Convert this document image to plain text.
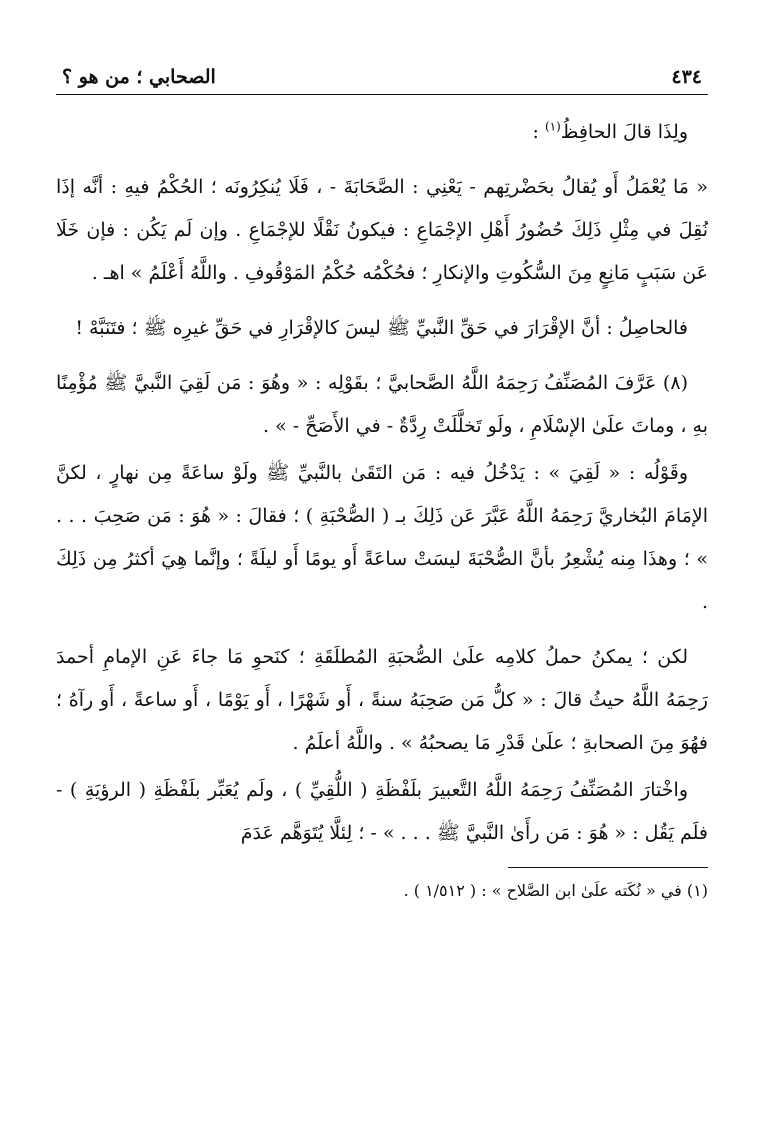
٤٣٤
الصحابي ؛ من هو ؟

ولِذَا قالَ الحافِظُ$^{(١)}$ :

« مَا يُعْمَلُ أَو يُقالُ بحَضْرتِهم - يَعْنِي : الصَّحَابَةَ - ، فَلَا يُنكِرُونَه ؛ الحُكْمُ فيهِ : أنَّه إذَا نُقِلَ في مِثْلِ ذَلِكَ حُضُورُ أَهْلِ الإجْمَاعِ : فيكونُ نَقْلًا للإجْمَاعِ . وإن لَم يَكُن : فإن خَلَا عَن سَبَبٍ مَانِعٍ مِنَ السُّكُوتِ والإنكارِ ؛ فحُكْمُه حُكْمُ المَوْقُوفِ . واللَّهُ أَعْلَمُ » اهـ .

فالحاصِلُ : أنَّ الإقْرَارَ في حَقِّ النَّبيِّ ﷺ ليسَ كالإقْرَارِ في حَقِّ غيرِه ﷺ ؛ فتَنَبَّهْ !

(٨) عَرَّفَ المُصَنِّفُ رَحِمَهُ اللَّهُ الصَّحابيَّ ؛ بقَوْلِه : « وهُوَ : مَن لَقِيَ النَّبيَّ ﷺ مُؤْمِنًا بهِ ، وماتَ علَىٰ الإسْلَامِ ، ولَو تَخلَّلَتْ رِدَّةٌ - في الأَصَحِّ - » .

وقَوْلُه : « لَقِيَ » : يَدْخُلُ فيه : مَن التَقَىٰ بالنَّبيِّ ﷺ ولَوْ ساعَةً مِن نهارٍ ، لكنَّ الإمَامَ البُخاريَّ رَحِمَهُ اللَّهُ عَبَّرَ عَن ذَلِكَ بـ ( الصُّحْبَةِ ) ؛ فقالَ : « هُوَ : مَن صَحِبَ . . . » ؛ وهذَا مِنه يُشْعِرُ بأنَّ الصُّحْبَةَ ليسَتْ ساعَةً أَو يومًا أَو ليلَةً ؛ وإنَّما هِيَ أكثرُ مِن ذَلِكَ .

لكن ؛ يمكنُ حملُ كلامِه علَىٰ الصُّحبَةِ المُطلَقَةِ ؛ كنَحوِ مَا جاءَ عَنِ الإمامِ أحمدَ رَحِمَهُ اللَّهُ حيثُ قالَ : « كلُّ مَن صَحِبَهُ سنةً ، أَو شَهْرًا ، أَو يَوْمًا ، أَو ساعةً ، أَو رآهُ ؛ فهُوَ مِنَ الصحابةِ ؛ علَىٰ قَدْرِ مَا يصحبُهُ » . واللَّهُ أعلَمُ .

واخْتارَ المُصَنِّفُ رَحِمَهُ اللَّهُ التَّعبيرَ بلَفْظَةِ ( اللُّقِيِّ ) ، ولَم يُعَبِّر بلَفْظَةِ ( الرؤيَةِ ) - فلَم يَقُل : « هُوَ : مَن رأَىٰ النَّبيَّ ﷺ . . . » - ؛ لِئلَّا يُتَوَهَّم عَدَمَ

(١) في « نُكَته علَىٰ ابن الصَّلاح » : ( ١/٥١٢ ) .
